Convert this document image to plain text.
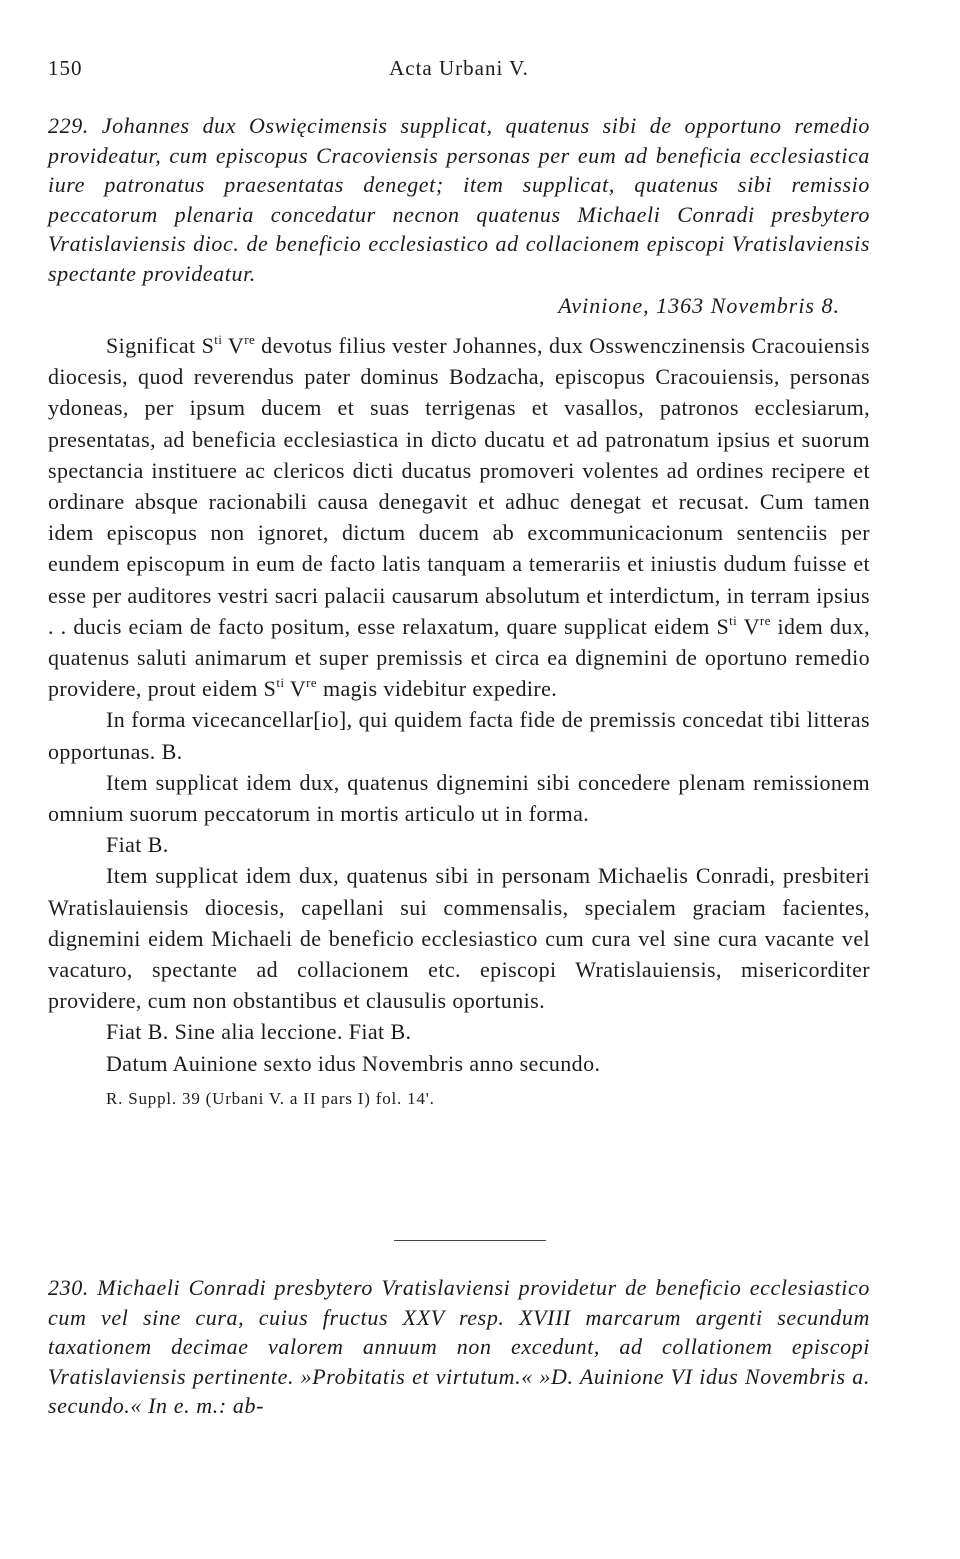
150	Acta Urbani V.

229. Johannes dux Oswięcimensis supplicat, quatenus sibi de opportuno remedio provideatur, cum episcopus Cracoviensis personas per eum ad beneficia ecclesiastica iure patronatus praesentatas deneget; item supplicat, quatenus sibi remissio peccatorum plenaria concedatur necnon quatenus Michaeli Conradi presbytero Vratislaviensis dioc. de beneficio ecclesiastico ad collacionem episcopi Vratislaviensis spectante provideatur.

Avinione, 1363 Novembris 8.

Significat $S^{ti}$ Vre devotus filius vester Johannes, dux Osswenczinensis Cracouiensis diocesis, quod reverendus pater dominus Bodzacha, episcopus Cracouiensis, personas ydoneas, per ipsum ducem et suas terrigenas et vasallos, patronos ecclesiarum, presentatas, ad beneficia ecclesiastica in dicto ducatu et ad patronatum ipsius et suorum spectancia instituere ac clericos dicti ducatus promoveri volentes ad ordines recipere et ordinare absque racionabili causa denegavit et adhuc denegat et recusat. Cum tamen idem episcopus non ignoret, dictum ducem ab excommunicacionum sentenciis per eundem episcopum in eum de facto latis tanquam a temerariis et iniustis dudum fuisse et esse per auditores vestri sacri palacii causarum absolutum et interdictum, in terram ipsius . . ducis eciam de facto positum, esse relaxatum, quare supplicat eidem $S^{ti}$ Vre idem dux, quatenus saluti animarum et super premissis et circa ea dignemini de oportuno remedio providere, prout eidem $S^{ti}$ Vre magis videbitur expedire.

In forma vicecancellar[io], qui quidem facta fide de premissis concedat tibi litteras opportunas. B.

Item supplicat idem dux, quatenus dignemini sibi concedere plenam remissionem omnium suorum peccatorum in mortis articulo ut in forma.

Fiat B.

Item supplicat idem dux, quatenus sibi in personam Michaelis Conradi, presbiteri Wratislauiensis diocesis, capellani sui commensalis, specialem graciam facientes, dignemini eidem Michaeli de beneficio ecclesiastico cum cura vel sine cura vacante vel vacaturo, spectante ad collacionem etc. episcopi Wratislauiensis, misericorditer providere, cum non obstantibus et clausulis oportunis.

Fiat B. Sine alia leccione. Fiat B.

Datum Auinione sexto idus Novembris anno secundo.

R. Suppl. 39 (Urbani V. a II pars I) fol. 14'.

230. Michaeli Conradi presbytero Vratislaviensi providetur de beneficio ecclesiastico cum vel sine cura, cuius fructus XXV resp. XVIII marcarum argenti secundum taxationem decimae valorem annuum non excedunt, ad collationem episcopi Vratislaviensis pertinente. »Probitatis et virtutum.« »D. Auinione VI idus Novembris a. secundo.« In e. m.: ab-
